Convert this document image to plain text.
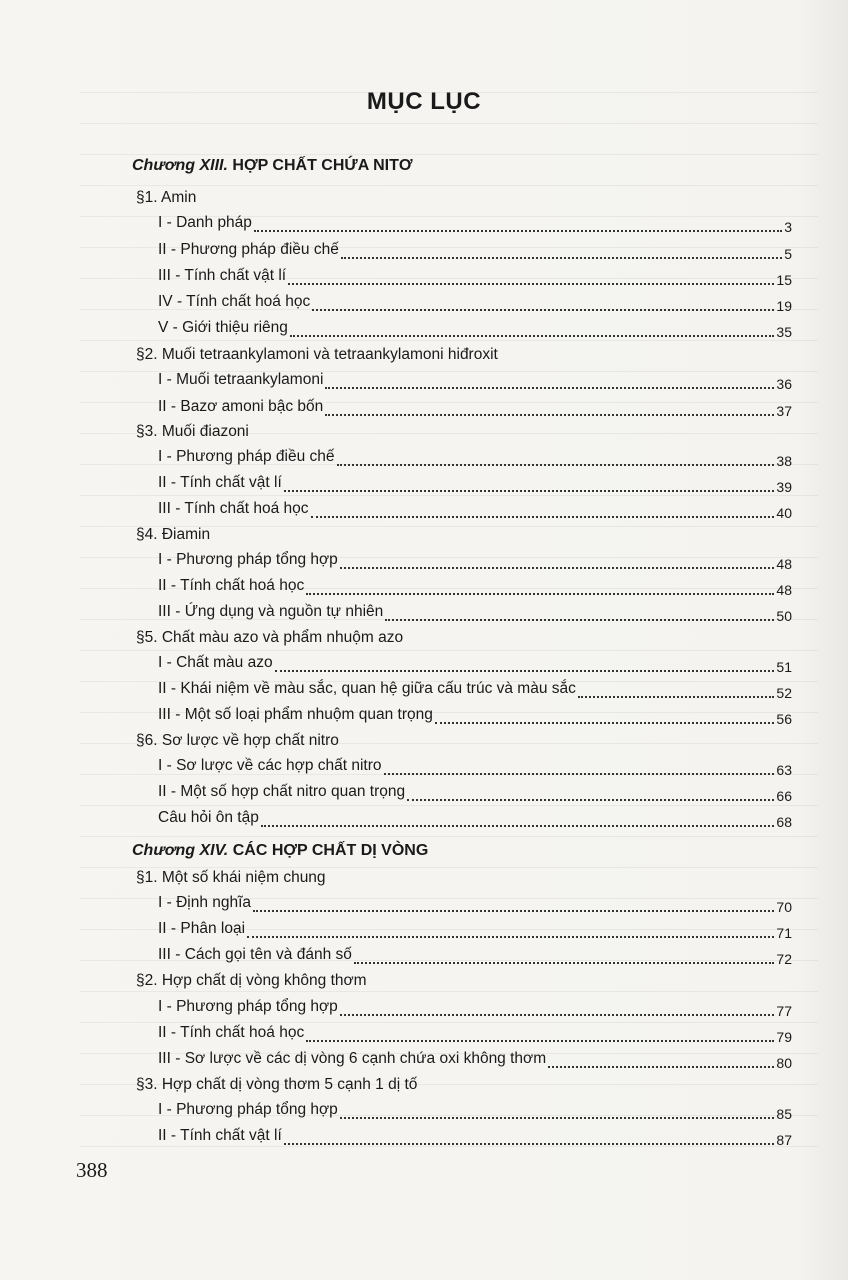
MỤC LỤC
Chương XIII. HỢP CHẤT CHỨA NITƠ
§1. Amin
I - Danh pháp	3
II - Phương pháp điều chế	5
III - Tính chất vật lí	15
IV - Tính chất hoá học	19
V - Giới thiệu riêng	35
§2. Muối tetraankylamoni và tetraankylamoni hiđroxit
I - Muối tetraankylamoni	36
II - Bazơ amoni bậc bốn	37
§3. Muối điazoni
I - Phương pháp điều chế	38
II - Tính chất vật lí	39
III - Tính chất hoá học	40
§4. Điamin
I - Phương pháp tổng hợp	48
II - Tính chất hoá học	48
III - Ứng dụng và nguồn tự nhiên	50
§5. Chất màu azo và phẩm nhuộm azo
I - Chất màu azo	51
II - Khái niệm về màu sắc, quan hệ giữa cấu trúc và màu sắc	52
III - Một số loại phẩm nhuộm quan trọng	56
§6. Sơ lược về hợp chất nitro
I - Sơ lược về các hợp chất nitro	63
II - Một số hợp chất nitro quan trọng	66
Câu hỏi ôn tập	68
Chương XIV. CÁC HỢP CHẤT DỊ VÒNG
§1. Một số khái niệm chung
I - Định nghĩa	70
II - Phân loại	71
III - Cách gọi tên và đánh số	72
§2. Hợp chất dị vòng không thơm
I - Phương pháp tổng hợp	77
II - Tính chất hoá học	79
III - Sơ lược về các dị vòng 6 cạnh chứa oxi không thơm	80
§3. Hợp chất dị vòng thơm 5 cạnh 1 dị tố
I - Phương pháp tổng hợp	85
II - Tính chất vật lí	87
388
